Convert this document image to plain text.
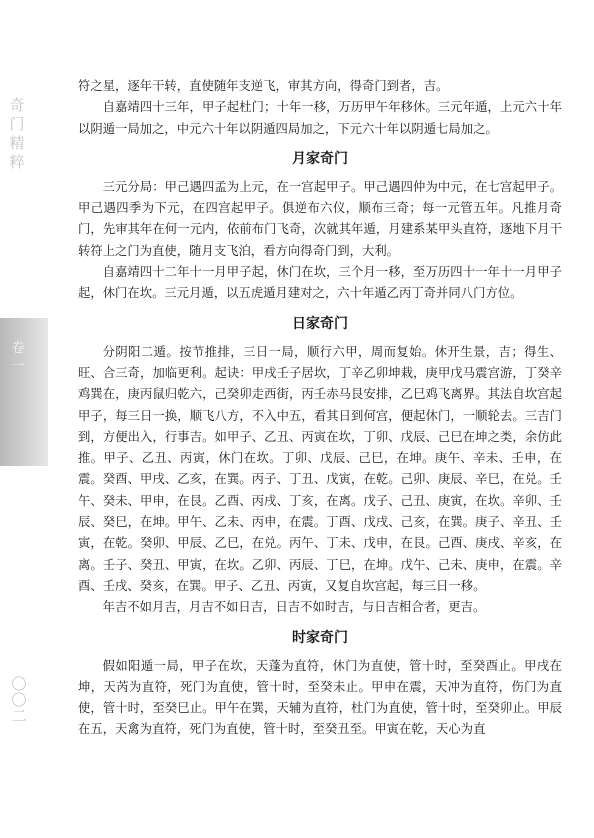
奇门精粹
卷一
〇〇二

符之星，逐年干转，直使随年支逆飞，审其方向，得奇门到者，吉。

自嘉靖四十三年，甲子起杜门；十年一移，万历甲午年移休。三元年遁，上元六十年以阴遁一局加之，中元六十年以阴遁四局加之，下元六十年以阴遁七局加之。

月家奇门

三元分局：甲己遇四孟为上元，在一宫起甲子。甲己遇四仲为中元，在七宫起甲子。甲己遇四季为下元，在四宫起甲子。俱逆布六仪，顺布三奇；每一元管五年。凡推月奇门，先审其年在何一元内，依前布门飞奇，次就其年遁，月建系某甲头直符，逐地下月干转符上之门为直使，随月支飞泊，看方向得奇门到，大利。

自嘉靖四十二年十一月甲子起，休门在坎，三个月一移，至万历四十一年十一月甲子起，休门在坎。三元月遁，以五虎遁月建对之，六十年遁乙丙丁奇并同八门方位。

日家奇门

分阴阳二遁。按节推排，三日一局，顺行六甲，周而复始。休开生景，吉；得生、旺、合三奇，加临更利。起诀：甲戌壬子居坎，丁辛乙卯坤栽，庚甲戊马震宫游，丁癸辛鸡巽在，庚丙鼠归乾六，己癸卯走西街，丙壬赤马艮安排，乙巳鸡飞离界。其法自坎宫起甲子，每三日一换，顺飞八方，不入中五，看其日到何宫，便起休门，一顺轮去。三吉门到，方便出入，行事吉。如甲子、乙丑、丙寅在坎，丁卯、戊辰、己巳在坤之类，余仿此推。甲子、乙丑、丙寅，休门在坎。丁卯、戊辰、己巳，在坤。庚午、辛未、壬申，在震。癸酉、甲戌、乙亥，在巽。丙子、丁丑、戊寅，在乾。己卯、庚辰、辛巳，在兑。壬午、癸未、甲申，在艮。乙酉、丙戌、丁亥，在离。戊子、己丑、庚寅，在坎。辛卯、壬辰、癸巳，在坤。甲午、乙未、丙申，在震。丁酉、戊戌、己亥，在巽。庚子、辛丑、壬寅，在乾。癸卯、甲辰、乙巳，在兑。丙午、丁未、戊申，在艮。己酉、庚戌、辛亥，在离。壬子、癸丑、甲寅，在坎。乙卯、丙辰、丁巳，在坤。戊午、己未、庚申，在震。辛酉、壬戌、癸亥，在巽。甲子、乙丑、丙寅，又复自坎宫起，每三日一移。

年吉不如月吉，月吉不如日吉，日吉不如时吉，与日吉相合者，更吉。

时家奇门

假如阳遁一局，甲子在坎，天蓬为直符，休门为直使，管十时，至癸酉止。甲戌在坤，天芮为直符，死门为直使，管十时，至癸未止。甲申在震，天冲为直符，伤门为直使，管十时，至癸巳止。甲午在巽，天辅为直符，杜门为直使，管十时，至癸卯止。甲辰在五，天禽为直符，死门为直使，管十时，至癸丑至。甲寅在乾，天心为直
